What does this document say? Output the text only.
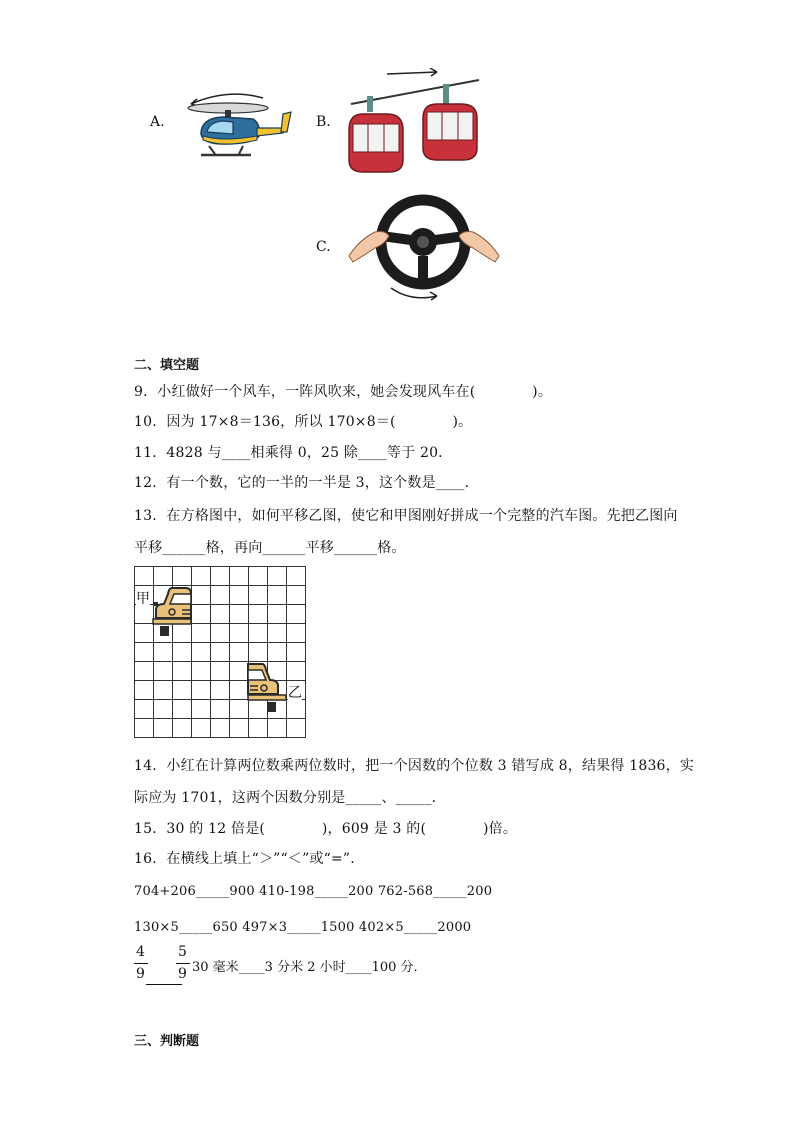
A.	B.
C.
二、填空题
9．小红做好一个风车，一阵风吹来，她会发现风车在(　　　　)。
10．因为 17×8＝136，所以 170×8＝(　　　　)。
11．4828 与____相乘得 0，25 除____等于 20．
12．有一个数，它的一半的一半是 3，这个数是____．
13．在方格图中，如何平移乙图，使它和甲图刚好拼成一个完整的汽车图。先把乙图向
平移______格，再向______平移______格。
甲
乙
14．小红在计算两位数乘两位数时，把一个因数的个位数 3 错写成 8，结果得 1836，实
际应为 1701，这两个因数分别是_____、_____．
15．30 的 12 倍是(　　　　)，609 是 3 的(　　　　)倍。
16．在横线上填上“＞”“＜”或“=”.
704+206_____900 410-198_____200 762-568_____200
130×5_____650 497×3_____1500 402×5_____2000
4
9
5
9 30 毫米____3 分米 2 小时____100 分．
三、判断题
